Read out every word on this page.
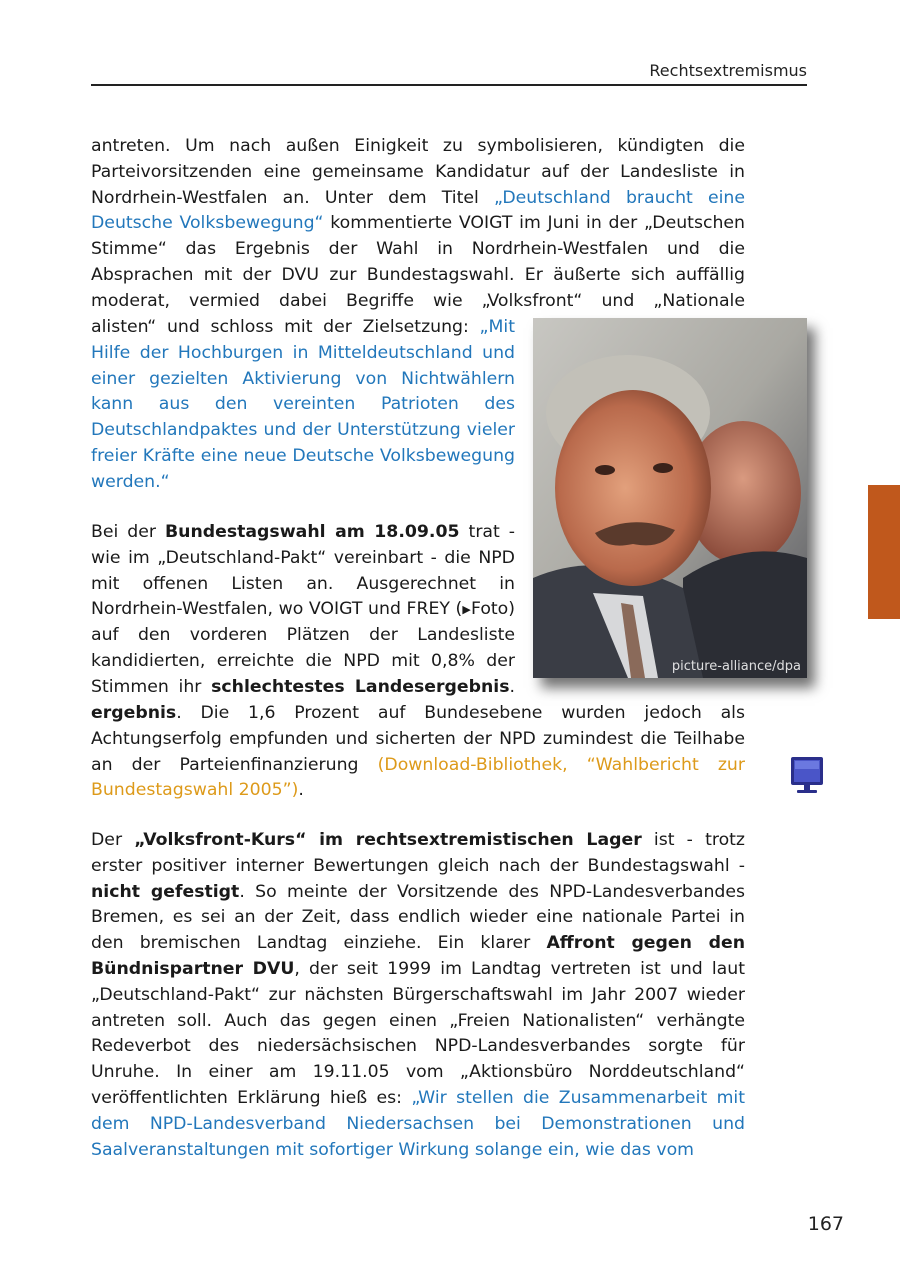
Rechtsextremismus

antreten. Um nach außen Einigkeit zu symbolisieren, kündigten die Parteivorsitzenden eine gemeinsame Kandidatur auf der Landesliste in Nordrhein-Westfalen an. Unter dem Titel „Deutschland braucht eine Deutsche Volksbewegung“ kommentierte VOIGT im Juni in der „Deutschen Stimme“ das Ergebnis der Wahl in Nordrhein-Westfalen und die Absprachen mit der DVU zur Bundestagswahl. Er äußerte sich auffällig moderat, vermied dabei Begriffe wie „Volksfront“ und „Nationale

alisten“ und schloss mit der Zielsetzung: „Mit Hilfe der Hochburgen in Mitteldeutschland und einer gezielten Aktivierung von Nichtwählern kann aus den vereinten Patrioten des Deutschlandpaktes und der Unterstützung vieler freier Kräfte eine neue Deutsche Volksbewegung werden.“

Bei der Bundestagswahl am 18.09.05 trat - wie im „Deutschland-Pakt“ vereinbart - die NPD mit offenen Listen an. Ausgerechnet in Nordrhein-Westfalen, wo VOIGT und FREY (▶Foto) auf den vorderen Plätzen der Landesliste kandidierten, erreichte die NPD mit 0,8% der Stimmen ihr schlechtestes Landesergebnis.

ergebnis. Die 1,6 Prozent auf Bundesebene wurden jedoch als Achtungserfolg empfunden und sicherten der NPD zumindest die Teilhabe an der Parteienfinanzierung (Download-Bibliothek, “Wahlbericht zur Bundestagswahl 2005”).

Der „Volksfront-Kurs“ im rechtsextremistischen Lager ist - trotz erster positiver interner Bewertungen gleich nach der Bundestagswahl - nicht gefestigt. So meinte der Vorsitzende des NPD-Landesverbandes Bremen, es sei an der Zeit, dass endlich wieder eine nationale Partei in den bremischen Landtag einziehe. Ein klarer Affront gegen den Bündnispartner DVU, der seit 1999 im Landtag vertreten ist und laut „Deutschland-Pakt“ zur nächsten Bürgerschaftswahl im Jahr 2007 wieder antreten soll. Auch das gegen einen „Freien Nationalisten“ verhängte Redeverbot des niedersächsischen NPD-Landesverbandes sorgte für Unruhe. In einer am 19.11.05 vom „Aktionsbüro Norddeutschland“ veröffentlichten Erklärung hieß es: „Wir stellen die Zusammenarbeit mit dem NPD-Landesverband Niedersachsen bei Demonstrationen und Saalveranstaltungen mit sofortiger Wirkung solange ein, wie das vom

picture-alliance/dpa
167
